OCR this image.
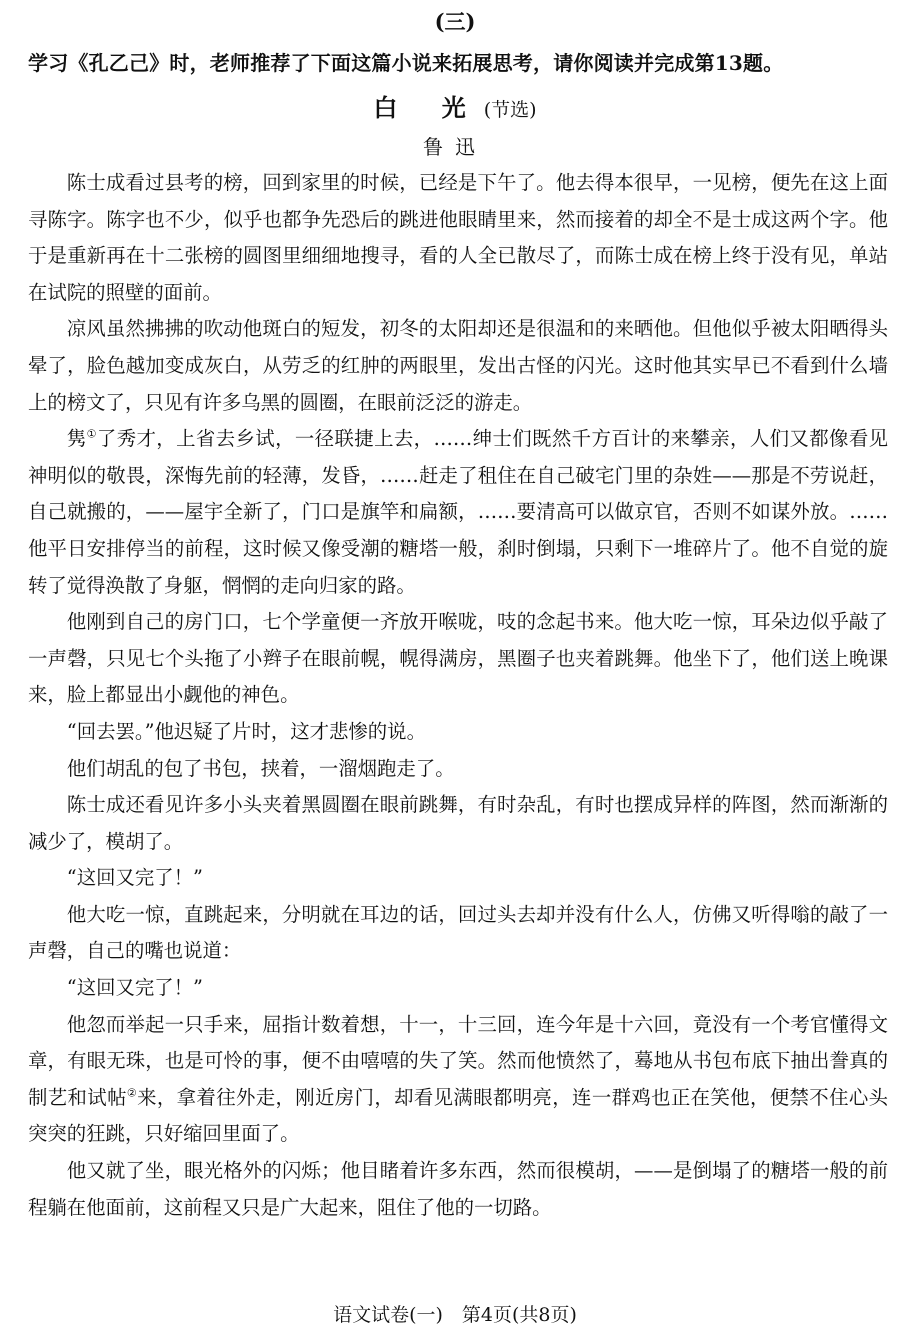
(三)
学习《孔乙己》时，老师推荐了下面这篇小说来拓展思考，请你阅读并完成第13题。
白 光(节选)
鲁迅

陈士成看过县考的榜，回到家里的时候，已经是下午了。他去得本很早，一见榜，便先在这上面寻陈字。陈字也不少，似乎也都争先恐后的跳进他眼睛里来，然而接着的却全不是士成这两个字。他于是重新再在十二张榜的圆图里细细地搜寻，看的人全已散尽了，而陈士成在榜上终于没有见，单站在试院的照壁的面前。

凉风虽然拂拂的吹动他斑白的短发，初冬的太阳却还是很温和的来晒他。但他似乎被太阳晒得头晕了，脸色越加变成灰白，从劳乏的红肿的两眼里，发出古怪的闪光。这时他其实早已不看到什么墙上的榜文了，只见有许多乌黑的圆圈，在眼前泛泛的游走。

隽①了秀才，上省去乡试，一径联捷上去，……绅士们既然千方百计的来攀亲，人们又都像看见神明似的敬畏，深悔先前的轻薄，发昏，……赶走了租住在自己破宅门里的杂姓——那是不劳说赶，自己就搬的，——屋宇全新了，门口是旗竿和扁额，……要清高可以做京官，否则不如谋外放。……他平日安排停当的前程，这时候又像受潮的糖塔一般，刹时倒塌，只剩下一堆碎片了。他不自觉的旋转了觉得涣散了身躯，惘惘的走向归家的路。

他刚到自己的房门口，七个学童便一齐放开喉咙，吱的念起书来。他大吃一惊，耳朵边似乎敲了一声磬，只见七个头拖了小辫子在眼前幌，幌得满房，黑圈子也夹着跳舞。他坐下了，他们送上晚课来，脸上都显出小觑他的神色。

“回去罢。”他迟疑了片时，这才悲惨的说。

他们胡乱的包了书包，挟着，一溜烟跑走了。

陈士成还看见许多小头夹着黑圆圈在眼前跳舞，有时杂乱，有时也摆成异样的阵图，然而渐渐的减少了，模胡了。

“这回又完了！”

他大吃一惊，直跳起来，分明就在耳边的话，回过头去却并没有什么人，仿佛又听得嗡的敲了一声磬，自己的嘴也说道：

“这回又完了！”

他忽而举起一只手来，屈指计数着想，十一，十三回，连今年是十六回，竟没有一个考官懂得文章，有眼无珠，也是可怜的事，便不由嘻嘻的失了笑。然而他愤然了，蓦地从书包布底下抽出誊真的制艺和试帖②来，拿着往外走，刚近房门，却看见满眼都明亮，连一群鸡也正在笑他，便禁不住心头突突的狂跳，只好缩回里面了。

他又就了坐，眼光格外的闪烁；他目睹着许多东西，然而很模胡，——是倒塌了的糖塔一般的前程躺在他面前，这前程又只是广大起来，阻住了他的一切路。

语文试卷(一)　第4页(共8页)
